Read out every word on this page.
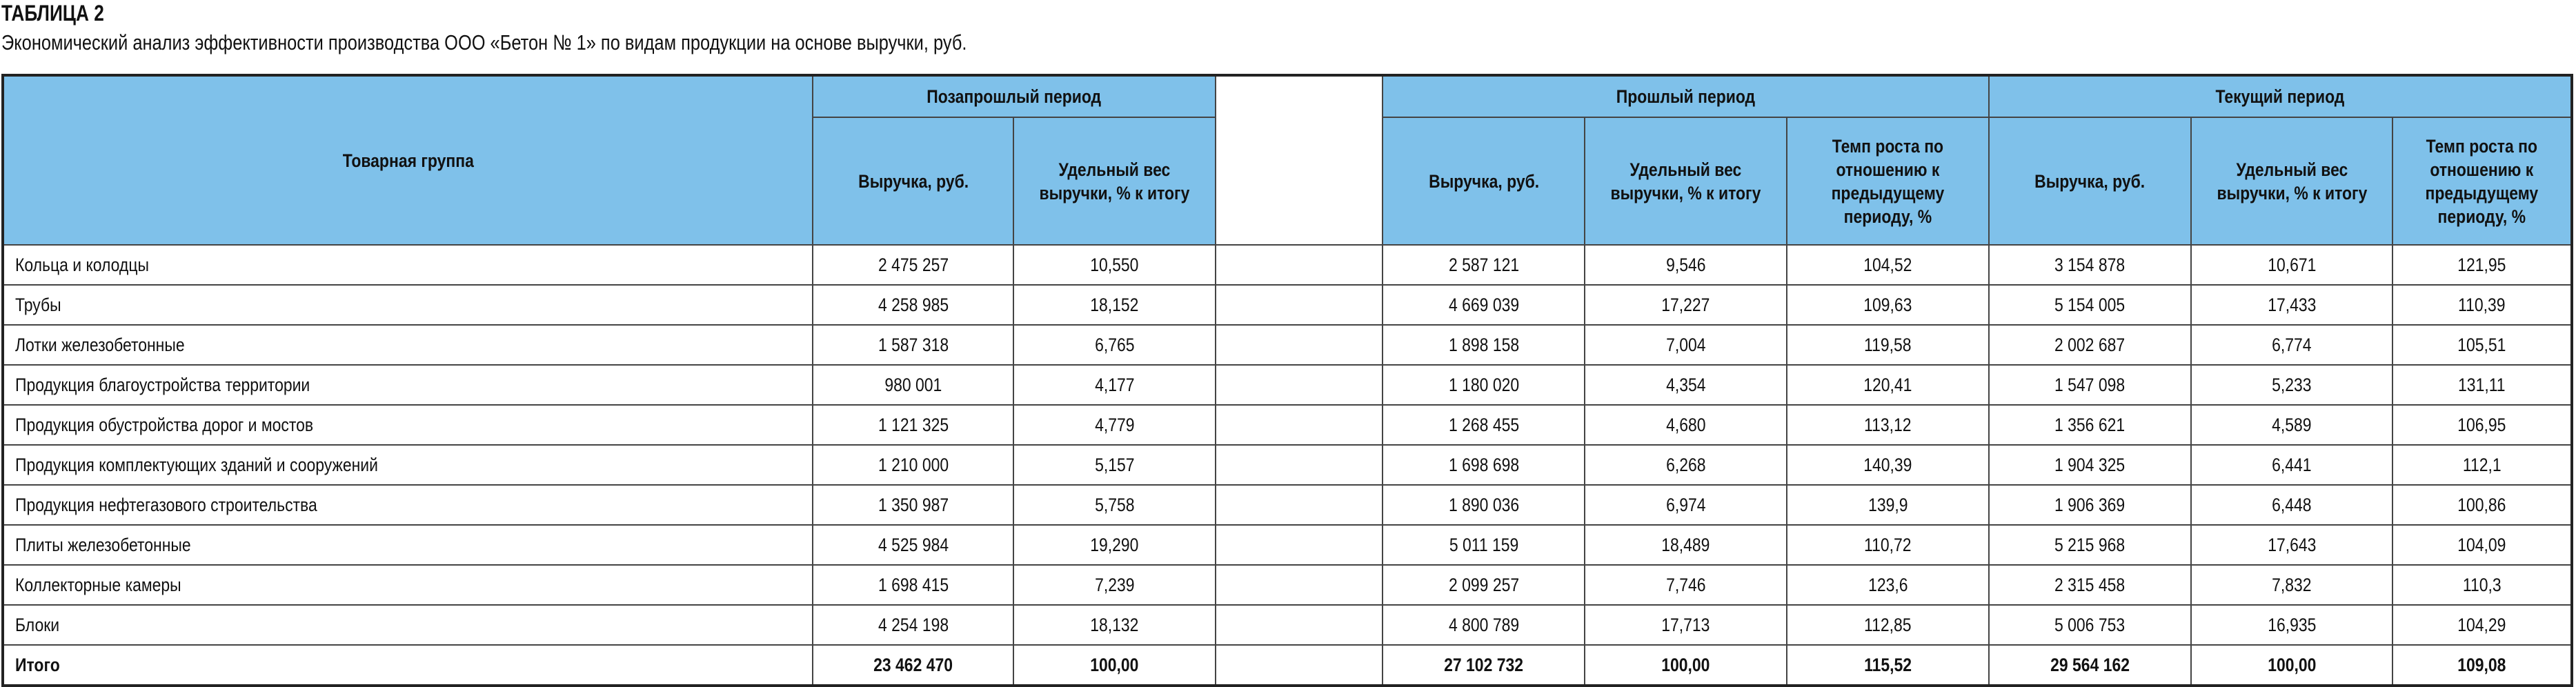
ТАБЛИЦА 2
Экономический анализ эффективности производства ООО «Бетон № 1» по видам продукции на основе выручки, руб.
Товарная группа	Позапрошлый период			Прошлый период			Текущий период		
	Выручка, руб.	Удельный вес выручки, % к итогу		Выручка, руб.	Удельный вес выручки, % к итогу	Темп роста по отношению к предыдущему периоду, %	Выручка, руб.	Удельный вес выручки, % к итогу	Темп роста по отношению к предыдущему периоду, %
Кольца и колодцы	2 475 257	10,550		2 587 121	9,546	104,52	3 154 878	10,671	121,95
Трубы	4 258 985	18,152		4 669 039	17,227	109,63	5 154 005	17,433	110,39
Лотки железобетонные	1 587 318	6,765		1 898 158	7,004	119,58	2 002 687	6,774	105,51
Продукция благоустройства территории	980 001	4,177		1 180 020	4,354	120,41	1 547 098	5,233	131,11
Продукция обустройства дорог и мостов	1 121 325	4,779		1 268 455	4,680	113,12	1 356 621	4,589	106,95
Продукция комплектующих зданий и сооружений	1 210 000	5,157		1 698 698	6,268	140,39	1 904 325	6,441	112,1
Продукция нефтегазового строительства	1 350 987	5,758		1 890 036	6,974	139,9	1 906 369	6,448	100,86
Плиты железобетонные	4 525 984	19,290		5 011 159	18,489	110,72	5 215 968	17,643	104,09
Коллекторные камеры	1 698 415	7,239		2 099 257	7,746	123,6	2 315 458	7,832	110,3
Блоки	4 254 198	18,132		4 800 789	17,713	112,85	5 006 753	16,935	104,29
Итого	23 462 470	100,00		27 102 732	100,00	115,52	29 564 162	100,00	109,08
